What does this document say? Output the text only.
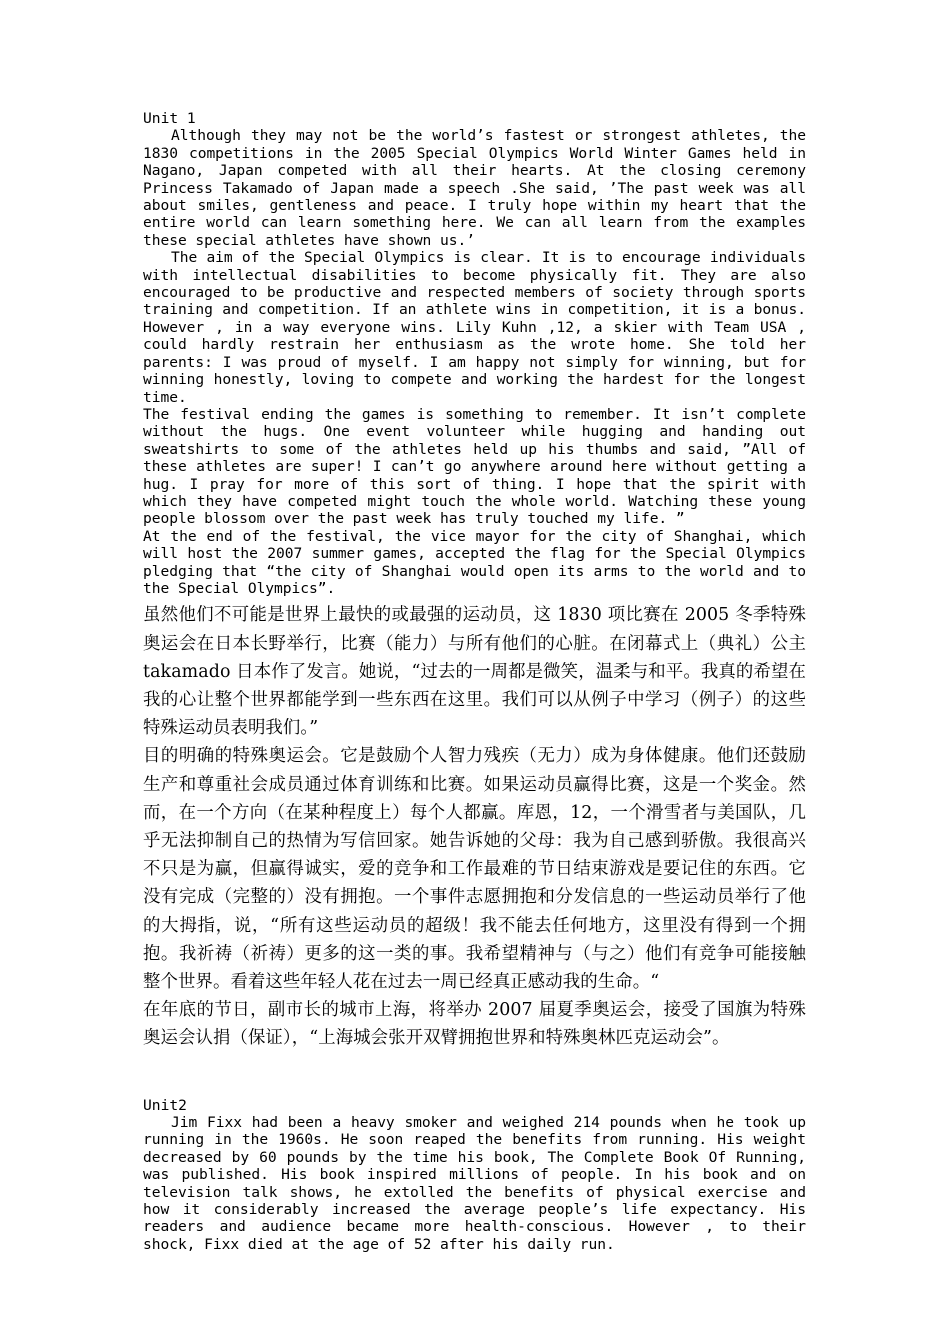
Unit 1

Although they may not be the world’s fastest or strongest athletes, the 1830 competitions in the 2005 Special Olympics World Winter Games held in Nagano, Japan competed with all their hearts. At the closing ceremony Princess Takamado of Japan made a speech .She said, ’The past week was all about smiles, gentleness and peace. I truly hope within my heart that the entire world can learn something here. We can all learn from the examples these special athletes have shown us.’

The aim of the Special Olympics is clear. It is to encourage individuals with intellectual disabilities to become physically fit. They are also encouraged to be productive and respected members of society through sports training and competition. If an athlete wins in competition, it is a bonus. However , in a way everyone wins. Lily Kuhn ,12, a skier with Team USA , could hardly restrain her enthusiasm as the wrote home. She told her parents: I was proud of myself. I am happy not simply for winning, but for winning honestly, loving to compete and working the hardest for the longest time.

The festival ending the games is something to remember. It isn’t complete without the hugs. One event volunteer while hugging and handing out sweatshirts to some of the athletes held up his thumbs and said, ”All of these athletes are super! I can’t go anywhere around here without getting a hug. I pray for more of this sort of thing. I hope that the spirit with which they have competed might touch the whole world. Watching these young people blossom over the past week has truly touched my life. ”

At the end of the festival, the vice mayor for the city of Shanghai, which will host the 2007 summer games, accepted the flag for the Special Olympics pledging that “the city of Shanghai would open its arms to the world and to the Special Olympics”.

虽然他们不可能是世界上最快的或最强的运动员，这 1830 项比赛在 2005 冬季特殊奥运会在日本长野举行，比赛（能力）与所有他们的心脏。在闭幕式上（典礼）公主 takamado 日本作了发言。她说，“过去的一周都是微笑，温柔与和平。我真的希望在我的心让整个世界都能学到一些东西在这里。我们可以从例子中学习（例子）的这些特殊运动员表明我们。”

目的明确的特殊奥运会。它是鼓励个人智力残疾（无力）成为身体健康。他们还鼓励生产和尊重社会成员通过体育训练和比赛。如果运动员赢得比赛，这是一个奖金。然而，在一个方向（在某种程度上）每个人都赢。库恩，12，一个滑雪者与美国队，几乎无法抑制自己的热情为写信回家。她告诉她的父母：我为自己感到骄傲。我很高兴不只是为赢，但赢得诚实，爱的竞争和工作最难的节日结束游戏是要记住的东西。它没有完成（完整的）没有拥抱。一个事件志愿拥抱和分发信息的一些运动员举行了他的大拇指，说，“所有这些运动员的超级！我不能去任何地方，这里没有得到一个拥抱。我祈祷（祈祷）更多的这一类的事。我希望精神与（与之）他们有竞争可能接触整个世界。看着这些年轻人花在过去一周已经真正感动我的生命。“

在年底的节日，副市长的城市上海，将举办 2007 届夏季奥运会，接受了国旗为特殊奥运会认捐（保证），“上海城会张开双臂拥抱世界和特殊奥林匹克运动会”。

Unit2

Jim Fixx had been a heavy smoker and weighed 214 pounds when he took up running in the 1960s. He soon reaped the benefits from running. His weight decreased by 60 pounds by the time his book, The Complete Book Of Running, was published. His book inspired millions of people. In his book and on television talk shows, he extolled the benefits of physical exercise and how it considerably increased the average people’s life expectancy. His readers and audience became more health-conscious. However , to their shock, Fixx died at the age of 52 after his daily run.
